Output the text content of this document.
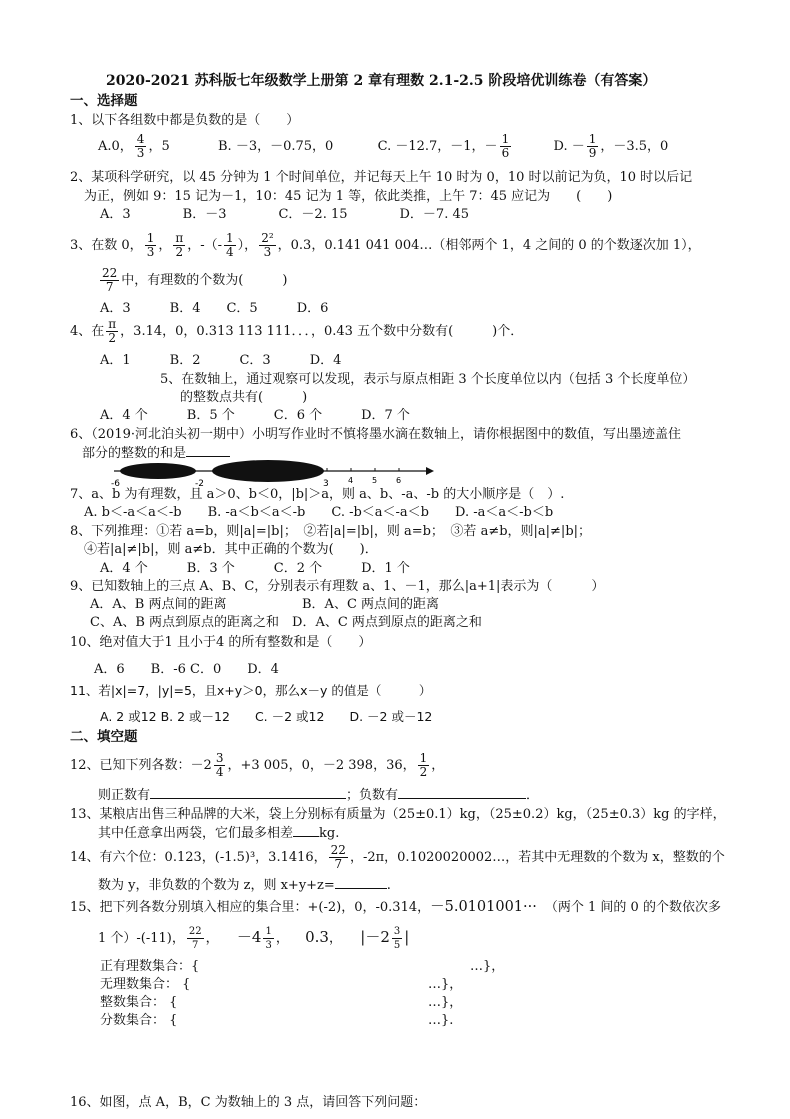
2020-2021 苏科版七年级数学上册第 2 章有理数 2.1-2.5 阶段培优训练卷（有答案）
一、选择题
1、以下各组数中都是负数的是（　　）
A.0， $\frac{4}{3}$ ，5	B. －3，－0.75，0	C. －12.7，－1，－ $\frac{1}{6}$	D. － $\frac{1}{9}$ ，－3.5，0
2、某项科学研究，以 45 分钟为 1 个时间单位，并记每天上午 10 时为 0，10 时以前记为负，10 时以后记
为正，例如 9：15 记为－1，10：45 记为 1 等，依此类推，上午 7：45 应记为　　(　　)
A．3　　　　B．－3　　　　C．－2. 15　　　　D．－7. 45
3、在数 0， $\frac{1}{3}$ ， $\frac{\pi}{2}$ ，-（- $\frac{1}{4}$ ）， $\frac{\text{2²}}{3}$ ，0.3，0.141 041 004…（相邻两个 1，4 之间的 0 的个数逐次加 1），
$\frac{22}{7}$ 中，有理数的个数为(　　　)
A．3　　　B．4　　C．5　　　D．6
4、在 $\frac{\pi}{2}$ ，3.14，0，0.313 113 111．．．，0.43 五个数中分数有(　　　)个．
A．1　　　B．2　　　C．3　　　D．4
5、在数轴上，通过观察可以发现，表示与原点相距 3 个长度单位以内（包括 3 个长度单位）
的整数点共有(　　　)
A．4 个　　　B．5 个　　　C．6 个　　　D．7 个
6、（2019·河北泊头初一期中）小明写作业时不慎将墨水滴在数轴上，请你根据图中的数值，写出墨迹盖住
部分的整数的和是
-6	-2	3 4 5 6
7、a、b 为有理数，且 a＞0、b＜0，|b|＞a，则 a、b、-a、-b 的大小顺序是（　）.
A. b＜-a＜a＜-b　　B. -a＜b＜a＜-b　　C. -b＜a＜-a＜b　　D. -a＜a＜-b＜b
8、下列推理：①若 a=b，则|a|=|b|；　②若|a|=|b|，则 a=b；　③若 a≠b，则|a|≠|b|；
④若|a|≠|b|，则 a≠b．其中正确的个数为(　　)．
A．4 个　　　B．3 个　　　C．2 个　　　D．1 个
9、已知数轴上的三点 A、B、C，分别表示有理数 a、1、－1，那么|a+1|表示为（　　　）
A．A、B 两点间的距离	B．A、C 两点间的距离
C、A、B 两点到原点的距离之和　D．A、C 两点到原点的距离之和
10、绝对值大于1 且小于4 的所有整数和是（　　）
A．6　　B．-6 C．0　　D．4
11、若|x|=7，|y|=5，且x+y＞0，那么x－y 的值是（　　　）
A. 2 或12 B. 2 或－12　　C. －2 或12　　D. －2 或－12
二、填空题
12、已知下列各数：$-2 \frac{3}{4}$ ，+3 005，0，－2 398，36， $\frac{1}{2}$ ，
则正数有	；负数有	．
13、某粮店出售三种品牌的大米，袋上分别标有质量为（25±0.1）kg，（25±0.2）kg，（25±0.3）kg 的字样，
其中任意拿出两袋，它们最多相差 kg.
14、有六个位：0.123，(-1.5)³，3.1416， $\frac{22}{7}$ ，-2π，0.1020020002…，若其中无理数的个数为 x，整数的个
数为 y，非负数的个数为 z，则 x+y+z=	.
15、把下列各数分别填入相应的集合里：+(-2)，0，-0.314，－5.0101001··· （两个 1 间的 0 的个数依次多
1 个）-(-11)， $\frac{22}{7}$ ， $-4 \frac{1}{3}$ ， 0.3， $|-2 \frac{3}{5}$ |
正有理数集合：{	…}，
无理数集合： {	…}，
整数集合： {	…}，
分数集合： {	…}.
16、如图，点 A，B，C 为数轴上的 3 点，请回答下列问题：
